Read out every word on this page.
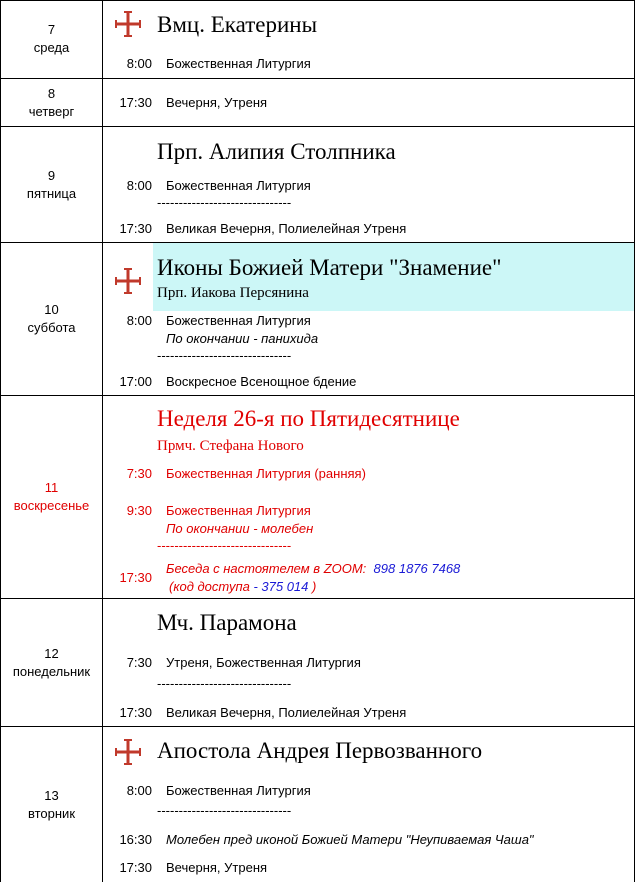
7
среда
Вмц. Екатерины
8:00 Божественная Литургия
8
четверг
17:30 Вечерня, Утреня
9
пятница
Прп. Алипия Столпника
8:00 Божественная Литургия
-------------------------------
17:30 Великая Вечерня, Полиелейная Утреня
10
суббота
Иконы Божией Матери "Знамение"
Прп. Иакова Персянина
8:00 Божественная Литургия
По окончании - панихида
-------------------------------
17:00 Воскресное Всенощное бдение
11
воскресенье
Неделя 26-я по Пятидесятнице
Прмч. Стефана Нового
7:30 Божественная Литургия (ранняя)
9:30 Божественная Литургия
По окончании - молебен
-------------------------------
17:30
Беседа с настоятелем в ZOOM: 898 1876 7468
(код доступа - 375 014 )
12
понедельник
Мч. Парамона
7:30 Утреня, Божественная Литургия
-------------------------------
17:30 Великая Вечерня, Полиелейная Утреня
13
вторник
Апостола Андрея Первозванного
8:00 Божественная Литургия
-------------------------------
16:30 Молебен пред иконой Божией Матери "Неупиваемая Чаша"
17:30 Вечерня, Утреня
